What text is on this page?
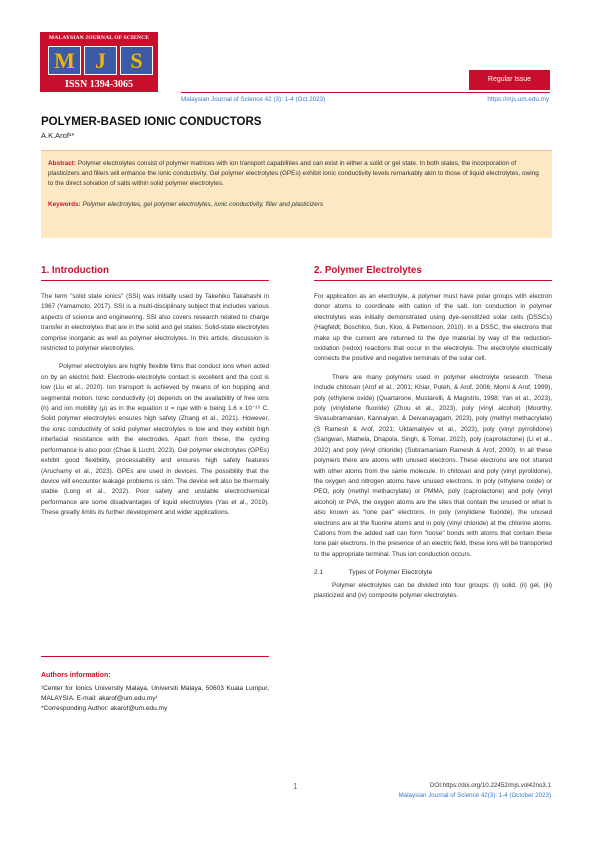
MALAYSIAN JOURNAL OF SCIENCE
M J	S
ISSN 1394-3065	Regular Issue
Malaysian Journal of Science 42 (3): 1-4 (Oct 2023)	https://mjs.um.edu.my
POLYMER-BASED IONIC CONDUCTORS
A.K.Arof¹*
Abstract: Polymer electrolytes consist of polymer matrices with ion transport capabilities and can exist in either a solid or gel state. In both states, the incorporation of plasticizers and fillers will enhance the ionic conductivity. Gel polymer electrolytes (GPEs) exhibit ionic conductivity levels remarkably akin to those of liquid electrolytes, owing to the direct solvation of salts within solid polymer electrolytes.
Keywords: Polymer electrolytes, gel polymer electrolytes, ionic conductivity, filler and plasticizers
1. Introduction

The term "solid state ionics" (SSI) was initially used by Takehiko Takahashi in 1967 (Yamamoto, 2017). SSI is a multi-disciplinary subject that includes various aspects of science and engineering. SSI also covers research related to charge transfer in electrolytes that are in the solid and gel states. Solid-state electrolytes comprise inorganic as well as polymer electrolytes. In this article, discussion is restricted to polymer electrolytes.

Polymer electrolytes are highly flexible films that conduct ions when acted on by an electric field. Electrode-electrolyte contact is excellent and the cost is low (Liu et al., 2020). Ion transport is achieved by means of ion hopping and segmental motion. Ionic conductivity (σ) depends on the availability of free ions (n) and ion mobility (μ) as in the equation σ = nμe with e being 1.6 x 10⁻¹⁹ C. Solid polymer electrolytes ensures high safety (Zhang et al., 2021). However, the ionic conductivity of solid polymer electrolytes is low and they exhibit high interfacial resistance with the electrodes. Apart from these, the cycling performance is also poor (Chae & Lucht, 2023). Gel polymer electrolytes (GPEs) exhibit good flexibility, processability and ensures high safety features (Aruchamy et al., 2023). GPEs are used in devices. The possibility that the device will encounter leakage problems is slim. The device will also be thermally stable (Long et al., 2022). Poor safety and unstable electrochemical performance are some disadvantages of liquid electrolytes (Yao et al., 2019). These greatly limits its further development and wider applications.

Authors information:
¹Center for Ionics University Malaya, Universiti Malaya, 50603 Kuala Lumpur, MALAYSIA. E-mail: akarof@um.edu.my¹
*Corresponding Author: akarof@um.edu.my
2. Polymer Electrolytes

For application as an electrolyte, a polymer must have polar groups with electron donor atoms to coordinate with cation of the salt. Ion conduction in polymer electrolytes was initially demonstrated using dye-sensitized solar cells (DSSCs) (Hagfeldt, Boschloo, Sun, Kloo, & Pettersson, 2010). In a DSSC, the electrons that make up the current are returned to the dye material by way of the reduction-oxidation (redox) reactions that occur in the electrolyte. The electrolyte electrically connects the positive and negative terminals of the solar cell.

There are many polymers used in polymer electrolyte research. These include chitosan (Arof et al., 2001; Khiar, Puteh, & Arof, 2006; Morni & Arof, 1999), poly (ethylene oxide) (Quartarone, Mustarelli, & Magistris, 1998; Yan et al., 2023), poly (vinylidene fluoride) (Zhou et al., 2023), poly (vinyl alcohol) (Moorthy, Sivasubramanian, Kannaiyan, & Deivanayagam, 2023), poly (methyl methacrylate) (S Ramesh & Arof, 2021; Uktamaliyev et al., 2023), poly (vinyl pyrrolidone) (Sangwan, Mathela, Dhapola, Singh, & Tomar, 2022), poly (caprolactone) (Li et al., 2022) and poly (vinyl chloride) (Subramaniam Ramesh & Arof, 2000). In all these polymers there are atoms with unused electrons. These electrons are not shared with other atoms from the same molecule. In chitosan and poly (vinyl pyrolidone), the oxygen and nitrogen atoms have unused electrons. In poly (ethylene oxide) or PEO, poly (methyl methacrylate) or PMMA, poly (caprolactone) and poly (vinyl alcohol) or PVA, the oxygen atoms are the sites that contain the unused or what is also known as "lone pair" electrons. In poly (vinylidene fluoride), the unused electrons are at the fluorine atoms and in poly (vinyl chloride) at the chlorine atoms. Cations from the added salt can form "loose" bonds with atoms that contain these lone pair electrons. In the presence of an electric field, these ions will be transported to the appropriate terminal. Thus ion conduction occurs.

2.1	Types of Polymer Electrolyte

Polymer electrolytes can be divided into four groups: (i) solid, (ii) gel, (iii) plasticized and (iv) composite polymer electrolytes.

1	DOI:https://doi.org/10.22452/mjs.vol42no3.1
Malaysian Journal of Science 42(3): 1-4 (October 2023)
